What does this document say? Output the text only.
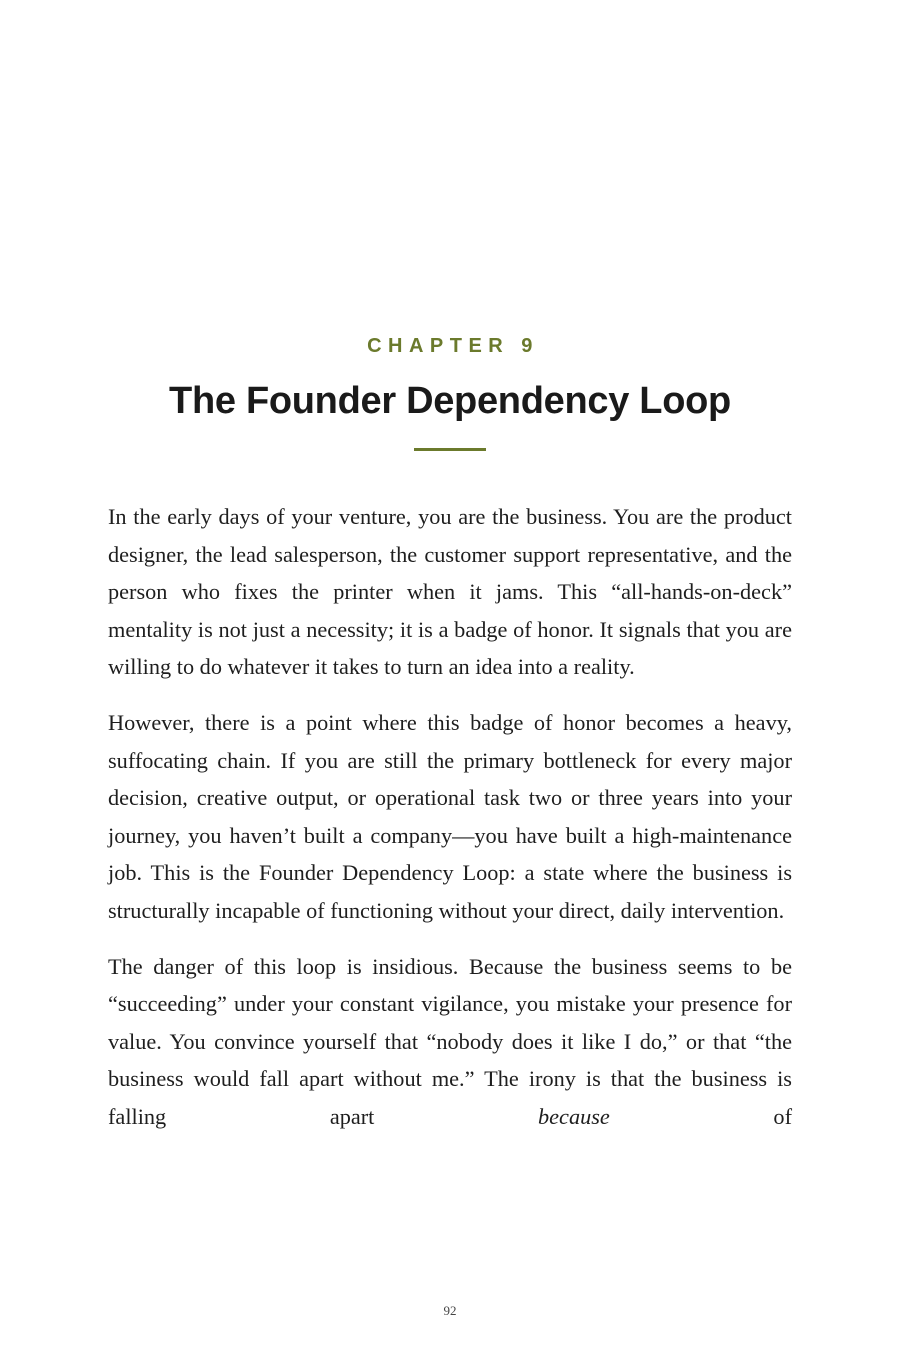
CHAPTER 9
The Founder Dependency Loop

In the early days of your venture, you are the business. You are the product designer, the lead salesperson, the customer support representative, and the person who fixes the printer when it jams. This “all-hands-on-deck” mentality is not just a necessity; it is a badge of honor. It signals that you are willing to do whatever it takes to turn an idea into a reality.

However, there is a point where this badge of honor becomes a heavy, suffocating chain. If you are still the primary bottleneck for every major decision, creative output, or operational task two or three years into your journey, you haven’t built a company—you have built a high-maintenance job. This is the Founder Dependency Loop: a state where the business is structurally incapable of functioning without your direct, daily intervention.

The danger of this loop is insidious. Because the business seems to be “succeeding” under your constant vigilance, you mistake your presence for value. You convince yourself that “nobody does it like I do,” or that “the business would fall apart without me.” The irony is that the business is falling apart because of

92
